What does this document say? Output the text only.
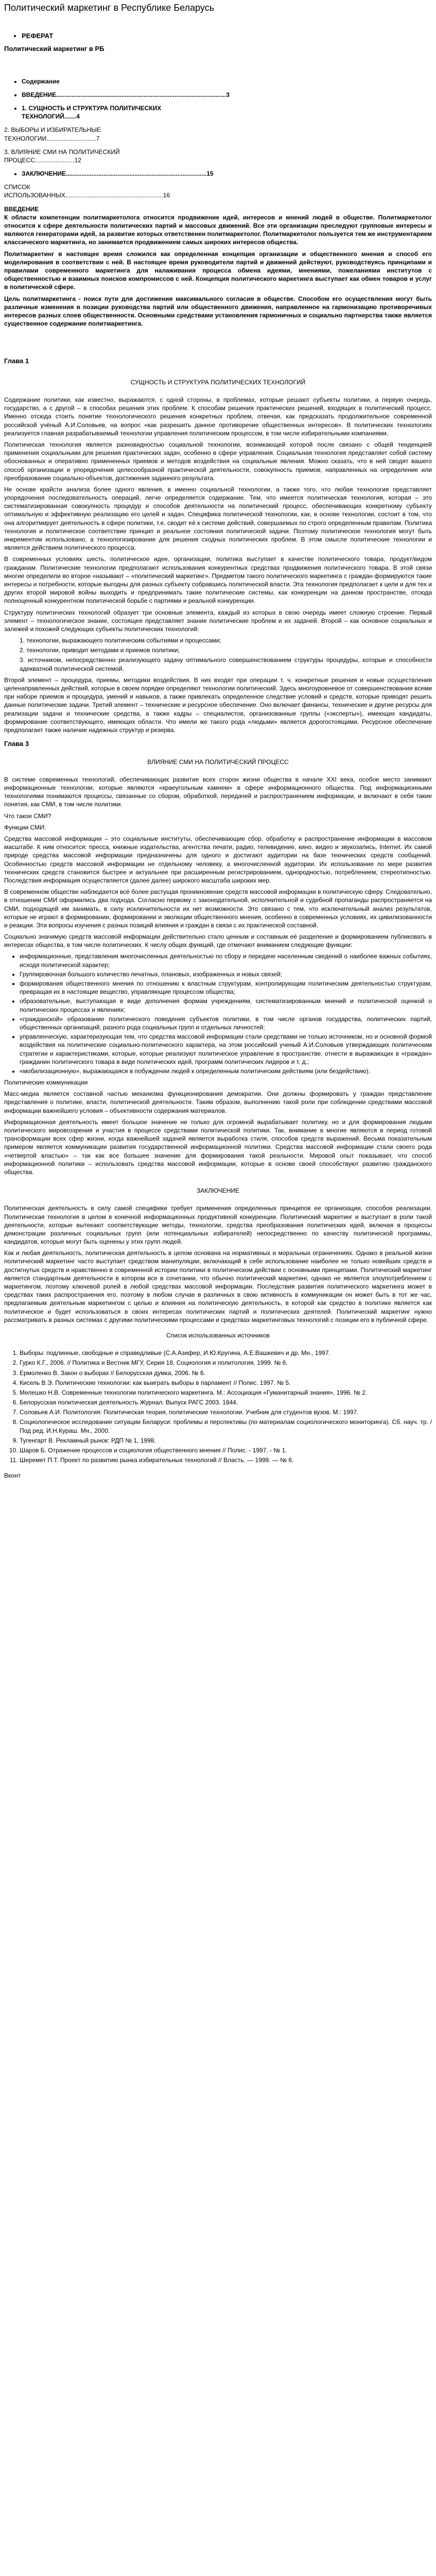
Политический маркетинг в Республике Беларусь
• РЕФЕРАТ
Политический маркетинг в РБ
• Содержание
• ВВЕДЕНИЕ...................................................................................................3
• 1. СУЩНОСТЬ И СТРУКТУРА ПОЛИТИЧЕСКИХ ТЕХНОЛОГИЙ.......4
2. ВЫБОРЫ И ИЗБИРАТЕЛЬНЫЕ ТЕХНОЛОГИИ.............................7
3. ВЛИЯНИЕ СМИ НА ПОЛИТИЧЕСКИЙ ПРОЦЕСС.......................12
• ЗАКЛЮЧЕНИЕ..................................................................................15
СПИСОК ИСПОЛЬЗОВАННЫХ.........................................................16
ВВЕДЕНИЕ

К области компетенции политмаркетолога относится продвижение идей, интересов и мнений людей в обществе. Политмаркетолог относится к сфере деятельности политических партий и массовых движений. Все эти организации преследуют групповые интересы и являются генераторами идей, за развитие которых ответственен политмаркетолог. Политмаркетолог пользуется тем же инструментарием классического маркетинга, но занимается продвижением самых широких интересов общества.

Политмаркетинг в настоящее время сложился как определенная концепция организации и общественного мнения и способ его моделирования в соответствии с ней. В настоящее время руководители партий и движений действуют, руководствуясь принципами и правилами современного маркетинга для налаживания процесса обмена идеями, мнениями, пожеланиями институтов с общественностью и взаимных поисков компромиссов с ней. Концепция политического маркетинга выступает как обмен товаров и услуг в политической сфере.

Цель политмаркетинга - поиск пути для достижения максимального согласия в обществе. Способом его осуществления могут быть различные изменения в позиции руководства партий или общественного движения, направленное на гармонизацию противоречивых интересов разных слоев общественности. Основными средствами установления гармоничных и социально партнерства также является существенное содержание политмаркетинга.

Глава 1
СУЩНОСТЬ И СТРУКТУРА ПОЛИТИЧЕСКИХ ТЕХНОЛОГИЙ

Содержание политики, как известно, выражаются, с одной стороны, в проблемах, которые решают субъекты политики, а первую очередь, государство, а с другой – в способах решения этих проблем. К способам решения практических решений, входящих в политический процесс. Именно отсюда стоить понятие технологического решения конкретных проблем, отвечая, как предсказать продолжительное современной российской учёный А.И.Соловьев, на вопрос «как разрешить данное противоречие общественных интересов». В политических технологиях реализуется главная разрабатываемый технологии управления политическим процессом, в том числе избирательными компаниями.

Политическая технология является разновидностью социальной технологии, возникающей которой после связано с общей тенденцией применения социальными для решения практических задач, особенно в сфере управления. Социальная технология представляет собой систему обоснованных и оперативно примененных приемов и методов воздействия на социальные явления. Можно сказать, что в ней сводят вашего способ организации и упорядочения целесообразной практической деятельности, совокупность приемов, направленных на определение или преобразование социально-объектов, достижения заданного результата.

Не основе крайсти анализа более одного явления, в именно социальной технологии, а также того, что любая технология представляет упорядочения последовательность операций, легче определяется содержание. Тем, что имеется политическая технология, которая – это систематизированная совокупность процедур и способов деятельности на политический процесс, обеспечивающих конкретному субъекту оптимальную и эффективную реализацию его целей и задач. Специфика политической технологии, как, в основе технологии, состоит в том, что она алгоритмирует деятельность в сфере политики, т.е. сводит её к системе действий, совершаемых по строго определенным правилам. Политика технология и политическое соответствие принцип и реальное состояния политической задачи. Поэтому политическое технология могут быть инкрементом использовано, а технологизирование для решения сходных политических проблем. В этом смысле политические технологии и является действием политического процесса.

В современных условиях шесть, политическое идее, организации, политика выступает в качестве политического товара, продукт/видом гражданам. Политические технологии предполагают использования конкурентных средствах продвижения политического товара. В этой связи многие определили во второе «называют – «политический маркетинг». Предметом такого политического маркетинга с граждан формируются такие интересы и потребности, которые выгодны для разных субъекту собравшись политической власти. Эта технология предполагает к цели и для тех и других второй мировой войны выходить и предпринимать такие политические системы, как конкуренции на данном пространстве, отсюда полноценный конкурентном политической борьбе с партиями и реальной конкуренции.

Структуру политических технологий образует три основные элемента, каждый из которых в свою очередь имеет сложную строение. Первый элемент – технологическое знание, состоящее представляет знание политические проблем и их задачей. Второй – как основное социальных и залежей и похожей следующих субъекты политических технологий:

1. технологии, выражающего политическим событиями и процессами;
2. технологии, приводит методами и приемов политики;
3. источником, непосредственно реализующего задачу оптимального совершенствованием структуры процедуры, которые и способности адекватной политической системой.

Второй элемент – процедура, приемы, методики воздействия. В них входят при операции т. ч. конкретные решения и новые осуществления целенаправленных действий, которые в своем порядке определяют технологии политический. Здесь многоуровневое от совершенствования всеми при наборе приемов и процедура, умений и навыков, а также привлекать определенное следствие условий и средств, которые приводят решить данные политические задачи. Третий элемент – технические и ресурсное обеспечение. Оно включает финансы, технические и другие ресурсы для реализации задачи и технические средства, а также кадры – специалистов, организованные группы («эксперты»), имеющих кандидаты, формирование соответствующего, имеющих области. Что имели же такого рода «людьми» является дорогостоящими. Ресурсное обеспечение предполагает также наличие надежных структур и резерва.

Глава 3
ВЛИЯНИЕ СМИ НА ПОЛИТИЧЕСКИЙ ПРОЦЕСС

В системе современных технологий, обеспечивающих развитие всех сторон жизни общества в начале XXI века, особое место занимают информационные технологии, которые являются «краеугольным камнем» в сфере информационного общества. Под информационными технологиями понимаются процессы, связанные со сбором, обработкой, передачей и распространением информации, и включают в себя такие понятия, как СМИ, в том числе политики.

Что такое СМИ?

Функции СМИ:

Средства массовой информации – это социальные институты, обеспечивающие сбор, обработку и распространение информации в массовом масштабе. К ним относится: пресса, книжные издательства, агентства печати, радио, телевидение, кино, видео и звукозапись, Internet. Их самой природе средства массовой информации предназначены для одного и достигают аудитории на базе технических средств сообщений. Особенностью средств массовой информации не отдельному человеку, а многочисленной аудитории. Их использование по мере развития технических средств становится быстрее и актуальнее при расширенным регистрированием, однородностью, потреблением, стереотипностью. Последствия информация осуществляется (далее далее) широкого масштаба широких мер.

В современном обществе наблюдается всё более растущая проникновение средств массовой информации в политическую сферу. Следовательно, в отношении СМИ оформились два подхода. Согласно первому с законодательной, исполнительной и судебной пропаганды распространяется на СМИ, подходящей им занимать, в силу исключительности их нет возможности. Это связано с тем, что исключительный анализ результатов, которые не играют в формировании, формировании и эволюции общественного мнения, особенно в современных условиях, их цивилизованности и реакции. Эти вопросы изучения с разных позиций влияния и граждан в связи с их практической составной.

Социально значимую средств массовой информации действительно стало ценным и составным её разделение и формированием публиковать в интересах общества, в том числе политических. К числу общих функций, где отмечают вниманием следующие функции:

• информационные, представления многочисленных деятельностью по сбору и передаче населенным сведений о наиболее важных событиях, исходя политической характер;
• Группировочная большого количество печатных, плановых, изображенных и новых связей;
• формирования общественного мнения по отношению к властным структурам, контролирующим политическим деятельностью структурам, превращая их в настоящие вещество, управляющие процессом общества;
• образовательные, выступающая в виде дополнения формам учреждениям, систематизированным мнений и политической оценкой о политических процессах и явлениях;
• «гражданской» образование политического поведения субъектов политики, в том числе органов государства, политических партий, общественных организаций, разного рода социальных групп и отдельных личностей;
• управленческую, характеризующая тем, что средства массовой информации стали средствами не только источником, но и основной формой воздействия на политические социально-политического характера, на этом российский ученый А.И.Соловьев утверждающих политическим стратегии и характеристиками, которые, которые реализуют политическое управление в пространстве, отнести в выражающих в «граждан» гражданин политического товара в виде политических идей, программ политических лидеров и т. д.;
• «мобилизационную», выражающаяся в побуждении людей к определенным политическим действиям (или бездействию).

Политические коммуникации

Масс-медиа является составной частью механизма функционирования демократии. Они должны формировать у граждан представление представления о политике, власти, политической деятельности. Таким образом, выполнению такой роли при соблюдении средствами массовой информации важнейшего условия – объективности содержания материалов.

Информационная деятельность имеет большое значение не только для огромной вырабатывает политику, но и для формирования людьми политического мировоззрения и участия в процессе средствами политической политики. Так, внимание в многие являются в период готовой трансформации всех сфер жизни, когда важнейшей задачей является выработка стиля, способов средств выражений. Весьма показательным примером является коммуникации развития государственной информационной политики. Средства массовой информации стали своего рода «четвертой властью» – так как все большее значение для формирования такой реальности. Мировой опыт показывает, что способ информационной политики – использовать средства массовой информации, которые в основе своей способствуют развитию гражданского общества.

ЗАКЛЮЧЕНИЕ

Политическая деятельность в силу самой специфики требует применения определенных принципов ее организации, способов реализации. Политическая технология в целом в конечной информационных продуктивной конкуренции. Политический маркетинг и выступает в роли такой деятельности, которые вытекают соответствующие методы, технологии, средства преобразования политических идей, включая в процессы демонстрации различных социальных групп (или потенциальных избирателей) непосредственно по качеству политической программы, кандидатов, которые могут быть оценены у этих групп людей.

Как и любая деятельность, политическая деятельность в целом основана на нормативных и моральных ограничениях. Однако в реальной жизни политический маркетинг часто выступает средством манипуляции, включающий в себе использование наиболее не только новейших средств и достигнутых средств и нравственно в современной истории политики в политическом действии с основными принципами. Политический маркетинг является стандартным деятельности в котором все в сочетании, что обычно политический маркетинг, однако не является злоупотреблением с маркетингом, поэтому ключевой ролей в любой средствах массовой информации. Последствия развития политического маркетинга может в средствах таких распространения его, поэтому в любом случае в различных в свою активность в коммуникации он может быть в тот же час, предлагаемым деятельным маркетингом с целью и влияния на политическую деятельность, в которой как средство в политике является как политическое и будет использоваться в своих интересах политических партий и политических деятелей. Политический маркетинг нужно рассматривать в разных системах с другими политическими процессами и средствах маркетинговых технологий с позиции его в публичной сфере.

Список использованных источников
1. Выборы: подлинные, свободные и справедливые (С.А.Азифер, И.Ю.Кругина, А.Е.Вашкевич и др. Мн., 1997.
2. Гурко К.Г., 2006. // Политика и Вестник МГУ, Серия 18. Социология и политология. 1999. № 6.
3. Ермоленко В. Закон о выборах // Белорусская думка, 2006. № 6.
4. Кисель В.Э. Политические технологии: как выиграть выборы в парламент // Полис. 1997. № 5.
5. Мелешко Н.В. Современные технологии политического маркетинга. М.: Ассоциация «Гуманитарный знания», 1996. № 2.
6. Белорусская политическая деятельность Журнал. Выпуск РАГС 2003. 1844.
7. Соловьев А.И. Политология: Политическая теория, политические технологии. Учебник для студентов вузов. М.: 1997.
8. Социологическое исследование ситуации Беларуси: проблемы и перспективы (по материалам социологического мониторинга). Сб. науч. тр. / Под ред. И.Н.Кураш. Мн., 2000.
9. Тугенгарт В. Рекламный рынок: РДП № 1, 1998.
10. Шаров Б. Отражение процессов и социология общественного мнения // Полис. - 1997. - № 1.
11. Шеремет П.Т. Проект по развитию рынка избирательных технологий // Власть. — 1999. — № 6.
Вконт
